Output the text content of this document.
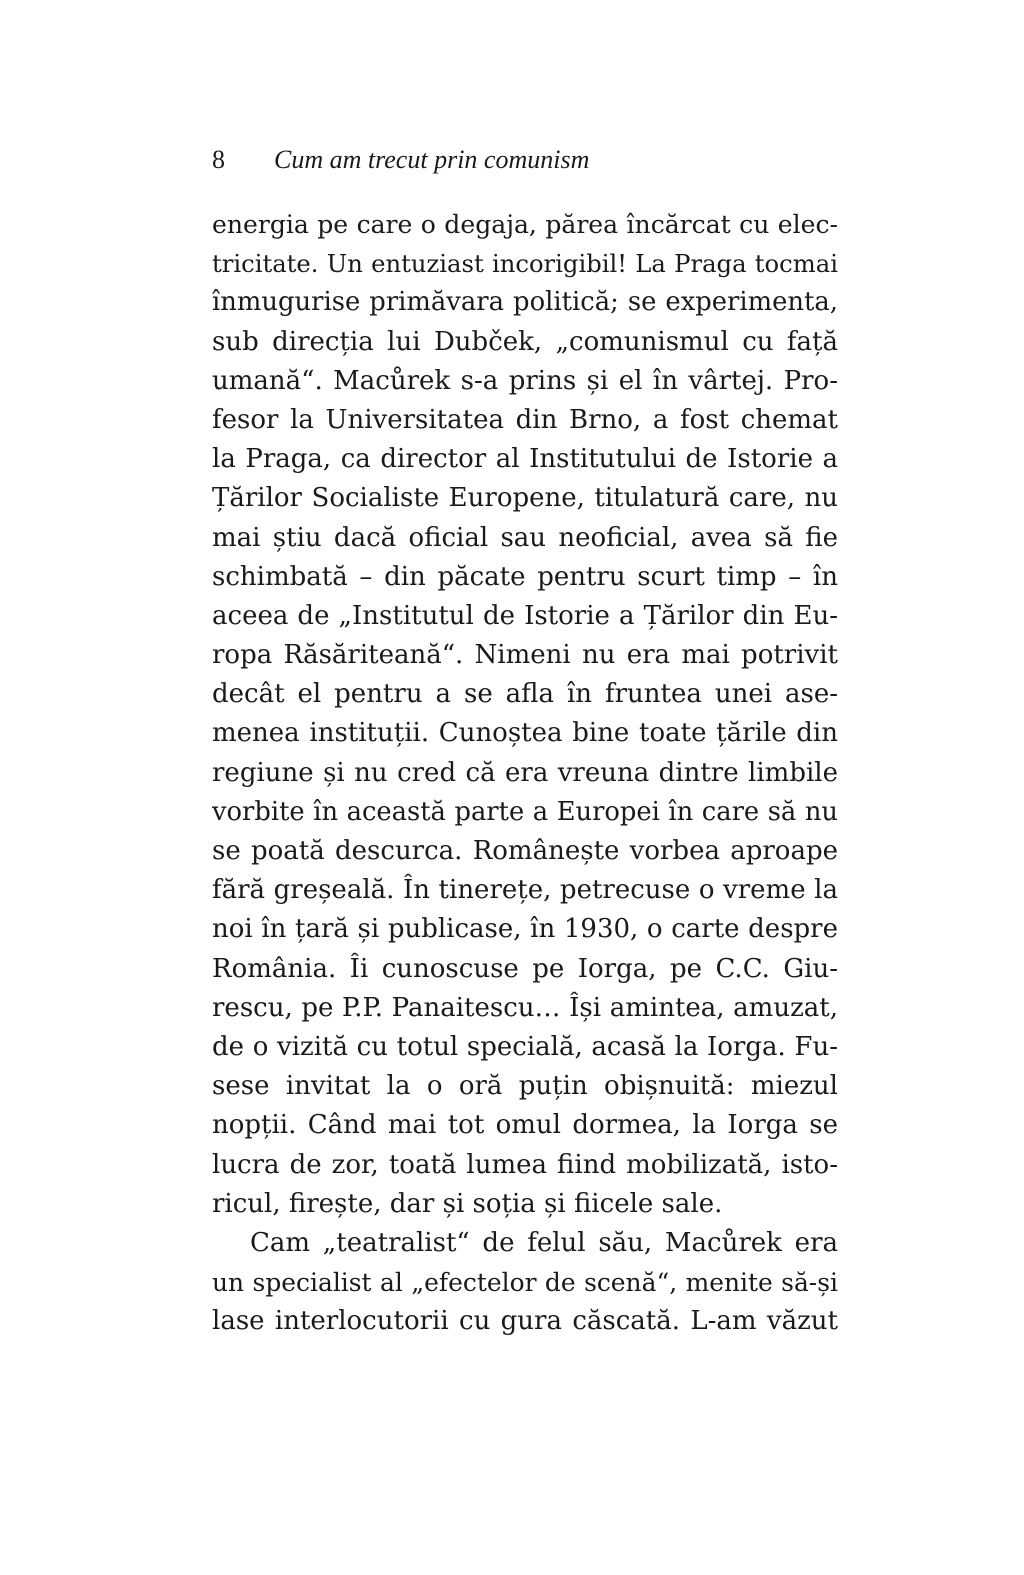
8 Cum am trecut prin comunism
energia pe care o degaja, părea încărcat cu elec-
tricitate. Un entuziast incorigibil! La Praga tocmai
înmugurise primăvara politică; se experimenta,
sub direcția lui Dubček, „comunismul cu față
umană“. Macůrek s-a prins și el în vârtej. Pro-
fesor la Universitatea din Brno, a fost chemat
la Praga, ca director al Institutului de Istorie a
Țărilor Socialiste Europene, titulatură care, nu
mai știu dacă oficial sau neoficial, avea să fie
schimbată – din păcate pentru scurt timp – în
aceea de „Institutul de Istorie a Țărilor din Eu-
ropa Răsăriteană“. Nimeni nu era mai potrivit
decât el pentru a se afla în fruntea unei ase-
menea instituții. Cunoștea bine toate țările din
regiune și nu cred că era vreuna dintre limbile
vorbite în această parte a Europei în care să nu
se poată descurca. Românește vorbea aproape
fără greșeală. În tinerețe, petrecuse o vreme la
noi în țară și publicase, în 1930, o carte despre
România. Îi cunoscuse pe Iorga, pe C.C. Giu-
rescu, pe P.P. Panaitescu… Își amintea, amuzat,
de o vizită cu totul specială, acasă la Iorga. Fu-
sese invitat la o oră puțin obișnuită: miezul
nopții. Când mai tot omul dormea, la Iorga se
lucra de zor, toată lumea fiind mobilizată, isto-
ricul, firește, dar și soția și fiicele sale.
Cam „teatralist“ de felul său, Macůrek era
un specialist al „efectelor de scenă“, menite să-și
lase interlocutorii cu gura căscată. L-am văzut
